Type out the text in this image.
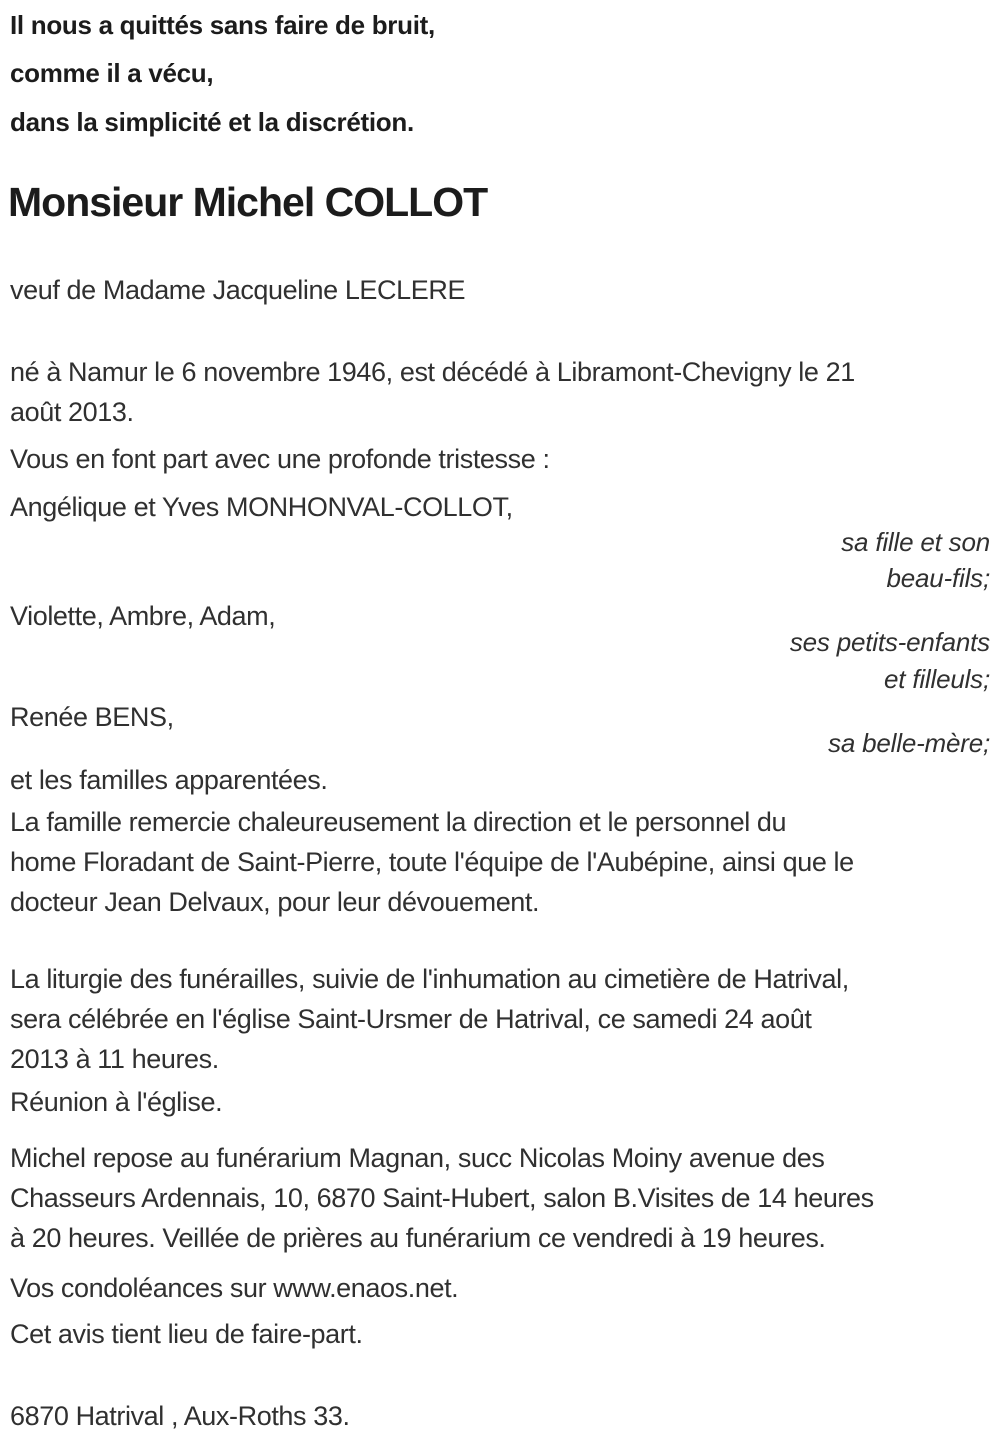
Il nous a quittés sans faire de bruit,
comme il a vécu,
dans la simplicité et la discrétion.
Monsieur Michel COLLOT
veuf de Madame Jacqueline LECLERE
né à Namur le 6 novembre 1946, est décédé à Libramont-Chevigny le 21
août 2013.
Vous en font part avec une profonde tristesse :
Angélique et Yves MONHONVAL-COLLOT,
sa fille et son
beau-fils;
Violette, Ambre, Adam,
ses petits-enfants
et filleuls;
Renée BENS,
sa belle-mère;
et les familles apparentées.
La famille remercie chaleureusement la direction et le personnel du
home Floradant de Saint-Pierre, toute l'équipe de l'Aubépine, ainsi que le
docteur Jean Delvaux, pour leur dévouement.
La liturgie des funérailles, suivie de l'inhumation au cimetière de Hatrival,
sera célébrée en l'église Saint-Ursmer de Hatrival, ce samedi 24 août
2013 à 11 heures.
Réunion à l'église.
Michel repose au funérarium Magnan, succ Nicolas Moiny avenue des
Chasseurs Ardennais, 10, 6870 Saint-Hubert, salon B.Visites de 14 heures
à 20 heures. Veillée de prières au funérarium ce vendredi à 19 heures.
Vos condoléances sur www.enaos.net.
Cet avis tient lieu de faire-part.
6870 Hatrival , Aux-Roths 33.
